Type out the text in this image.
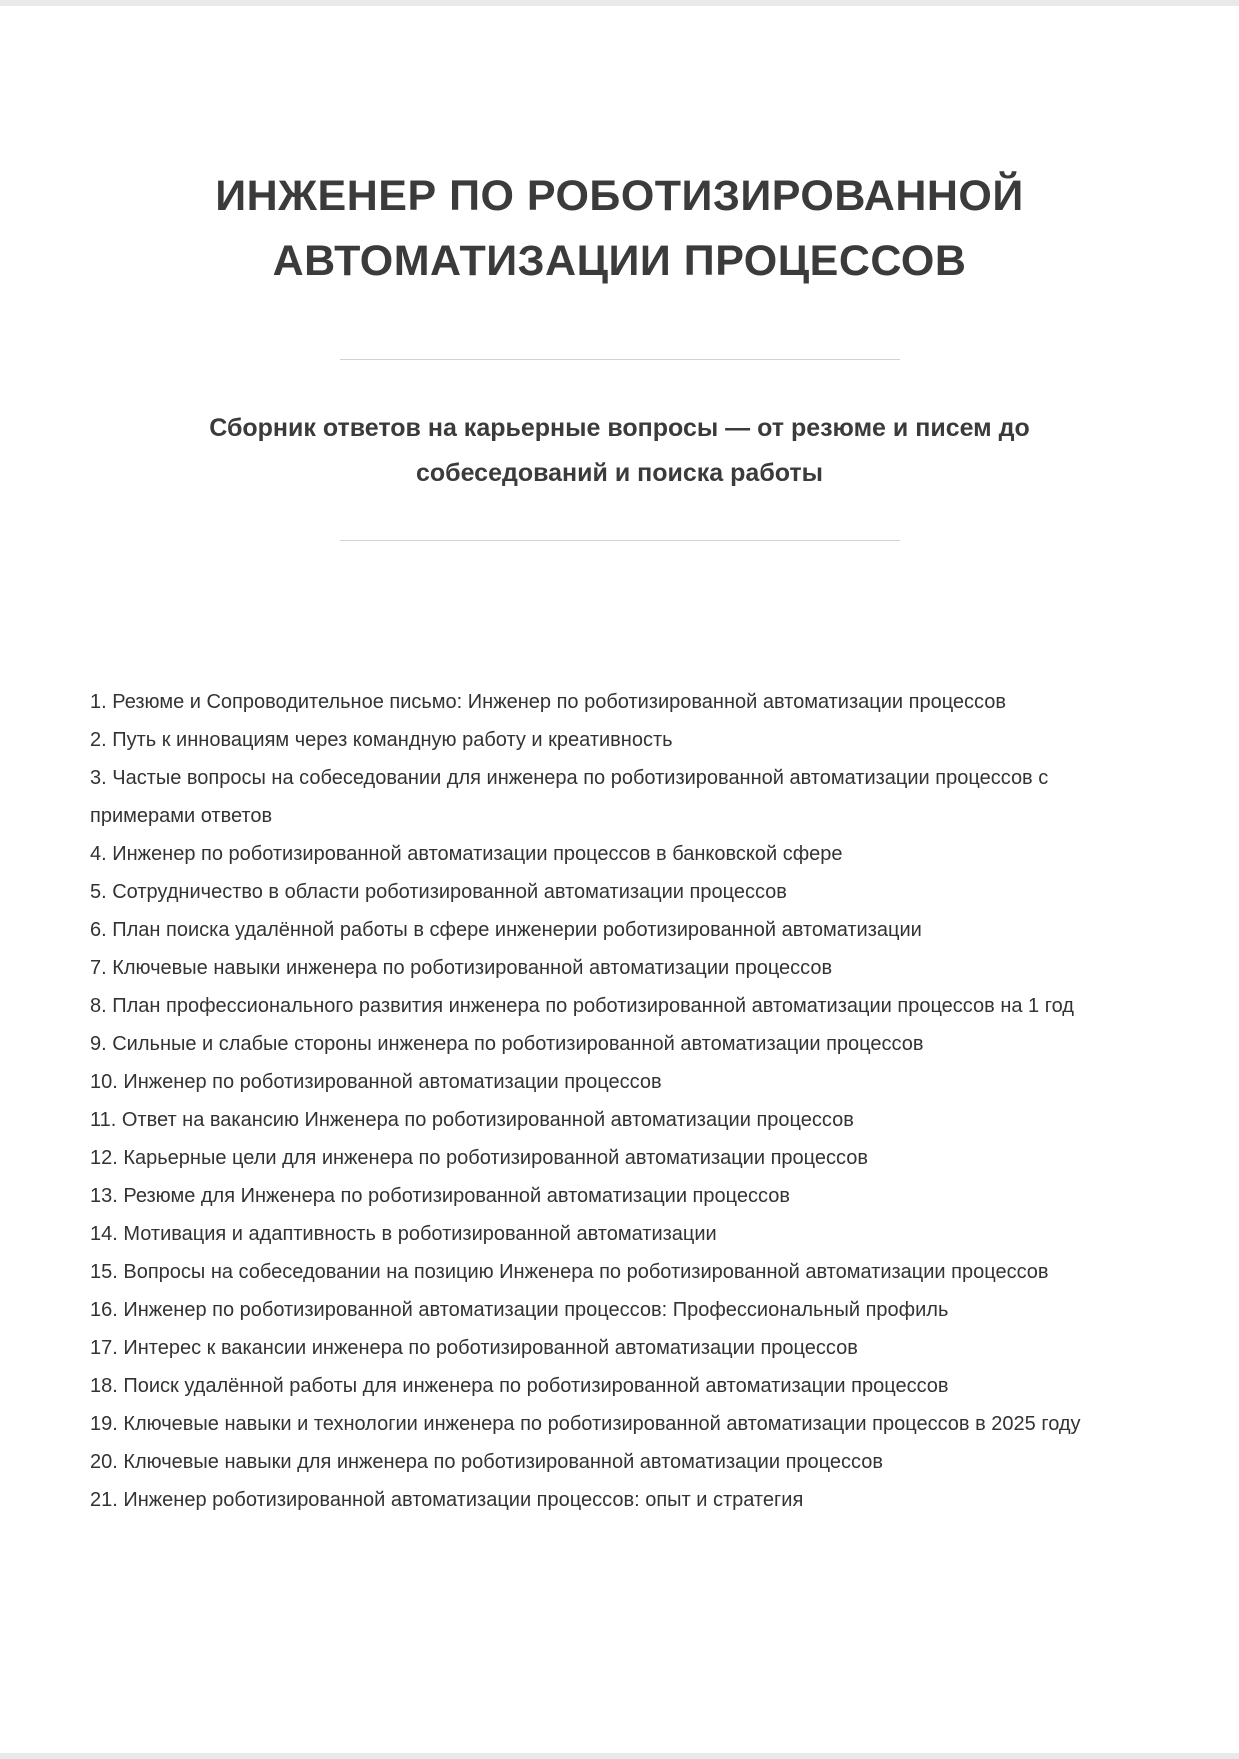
ИНЖЕНЕР ПО РОБОТИЗИРОВАННОЙ АВТОМАТИЗАЦИИ ПРОЦЕССОВ
Сборник ответов на карьерные вопросы — от резюме и писем до собеседований и поиска работы
1. Резюме и Сопроводительное письмо: Инженер по роботизированной автоматизации процессов
2. Путь к инновациям через командную работу и креативность
3. Частые вопросы на собеседовании для инженера по роботизированной автоматизации процессов с примерами ответов
4. Инженер по роботизированной автоматизации процессов в банковской сфере
5. Сотрудничество в области роботизированной автоматизации процессов
6. План поиска удалённой работы в сфере инженерии роботизированной автоматизации
7. Ключевые навыки инженера по роботизированной автоматизации процессов
8. План профессионального развития инженера по роботизированной автоматизации процессов на 1 год
9. Сильные и слабые стороны инженера по роботизированной автоматизации процессов
10. Инженер по роботизированной автоматизации процессов
11. Ответ на вакансию Инженера по роботизированной автоматизации процессов
12. Карьерные цели для инженера по роботизированной автоматизации процессов
13. Резюме для Инженера по роботизированной автоматизации процессов
14. Мотивация и адаптивность в роботизированной автоматизации
15. Вопросы на собеседовании на позицию Инженера по роботизированной автоматизации процессов
16. Инженер по роботизированной автоматизации процессов: Профессиональный профиль
17. Интерес к вакансии инженера по роботизированной автоматизации процессов
18. Поиск удалённой работы для инженера по роботизированной автоматизации процессов
19. Ключевые навыки и технологии инженера по роботизированной автоматизации процессов в 2025 году
20. Ключевые навыки для инженера по роботизированной автоматизации процессов
21. Инженер роботизированной автоматизации процессов: опыт и стратегия
